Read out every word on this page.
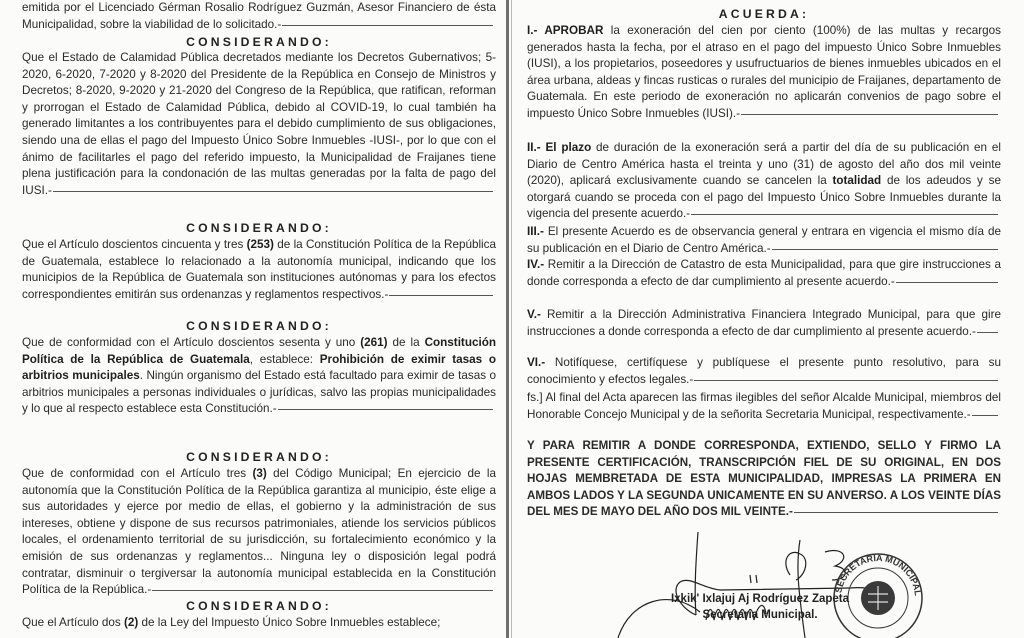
emitida por el Licenciado Gérman Rosalio Rodríguez Guzmán, Asesor Financiero de ésta Municipalidad, sobre la viabilidad de lo solicitado.-

CONSIDERANDO:

Que el Estado de Calamidad Pública decretados mediante los Decretos Gubernativos; 5-2020, 6-2020, 7-2020 y 8-2020 del Presidente de la República en Consejo de Ministros y Decretos; 8-2020, 9-2020 y 21-2020 del Congreso de la República, que ratifican, reforman y prorrogan el Estado de Calamidad Pública, debido al COVID-19, lo cual también ha generado limitantes a los contribuyentes para el debido cumplimiento de sus obligaciones, siendo una de ellas el pago del Impuesto Único Sobre Inmuebles -IUSI-, por lo que con el ánimo de facilitarles el pago del referido impuesto, la Municipalidad de Fraijanes tiene plena justificación para la condonación de las multas generadas por la falta de pago del IUSI.-

CONSIDERANDO:

Que el Artículo doscientos cincuenta y tres (253) de la Constitución Política de la República de Guatemala, establece lo relacionado a la autonomía municipal, indicando que los municipios de la República de Guatemala son instituciones autónomas y para los efectos correspondientes emitirán sus ordenanzas y reglamentos respectivos.-

CONSIDERANDO:

Que de conformidad con el Artículo doscientos sesenta y uno (261) de la Constitución Política de la República de Guatemala, establece: Prohibición de eximir tasas o arbitrios municipales. Ningún organismo del Estado está facultado para eximir de tasas o arbitrios municipales a personas individuales o jurídicas, salvo las propias municipalidades y lo que al respecto establece esta Constitución.-

CONSIDERANDO:

Que de conformidad con el Artículo tres (3) del Código Municipal; En ejercicio de la autonomía que la Constitución Política de la República garantiza al municipio, éste elige a sus autoridades y ejerce por medio de ellas, el gobierno y la administración de sus intereses, obtiene y dispone de sus recursos patrimoniales, atiende los servicios públicos locales, el ordenamiento territorial de su jurisdicción, su fortalecimiento económico y la emisión de sus ordenanzas y reglamentos... Ninguna ley o disposición legal podrá contratar, disminuir o tergiversar la autonomía municipal establecida en la Constitución Política de la República.-

CONSIDERANDO:

Que el Artículo dos (2) de la Ley del Impuesto Único Sobre Inmuebles establece;

ACUERDA:

I.- APROBAR la exoneración del cien por ciento (100%) de las multas y recargos generados hasta la fecha, por el atraso en el pago del impuesto Único Sobre Inmuebles (IUSI), a los propietarios, poseedores y usufructuarios de bienes inmuebles ubicados en el área urbana, aldeas y fincas rusticas o rurales del municipio de Fraijanes, departamento de Guatemala. En este periodo de exoneración no aplicarán convenios de pago sobre el impuesto Único Sobre Inmuebles (IUSI).-

II.- El plazo de duración de la exoneración será a partir del día de su publicación en el Diario de Centro América hasta el treinta y uno (31) de agosto del año dos mil veinte (2020), aplicará exclusivamente cuando se cancelen la totalidad de los adeudos y se otorgará cuando se proceda con el pago del Impuesto Único Sobre Inmuebles durante la vigencia del presente acuerdo.-

III.- El presente Acuerdo es de observancia general y entrara en vigencia el mismo día de su publicación en el Diario de Centro América.-

IV.- Remitir a la Dirección de Catastro de esta Municipalidad, para que gire instrucciones a donde corresponda a efecto de dar cumplimiento al presente acuerdo.-

V.- Remitir a la Dirección Administrativa Financiera Integrado Municipal, para que gire instrucciones a donde corresponda a efecto de dar cumplimiento al presente acuerdo.-

VI.- Notifíquese, certifíquese y publíquese el presente punto resolutivo, para su conocimiento y efectos legales.-

fs.] Al final del Acta aparecen las firmas ilegibles del señor Alcalde Municipal, miembros del Honorable Concejo Municipal y de la señorita Secretaria Municipal, respectivamente.-

Y PARA REMITIR A DONDE CORRESPONDA, EXTIENDO, SELLO Y FIRMO LA PRESENTE CERTIFICACIÓN, TRANSCRIPCIÓN FIEL DE SU ORIGINAL, EN DOS HOJAS MEMBRETADA DE ESTA MUNICIPALIDAD, IMPRESAS LA PRIMERA EN AMBOS LADOS Y LA SEGUNDA UNICAMENTE EN SU ANVERSO. A LOS VEINTE DÍAS DEL MES DE MAYO DEL AÑO DOS MIL VEINTE.-

SECRETARIA MUNICIPAL
Ixkik' Ixlajuj Aj Rodríguez Zapeta
Secretaria Municipal.
